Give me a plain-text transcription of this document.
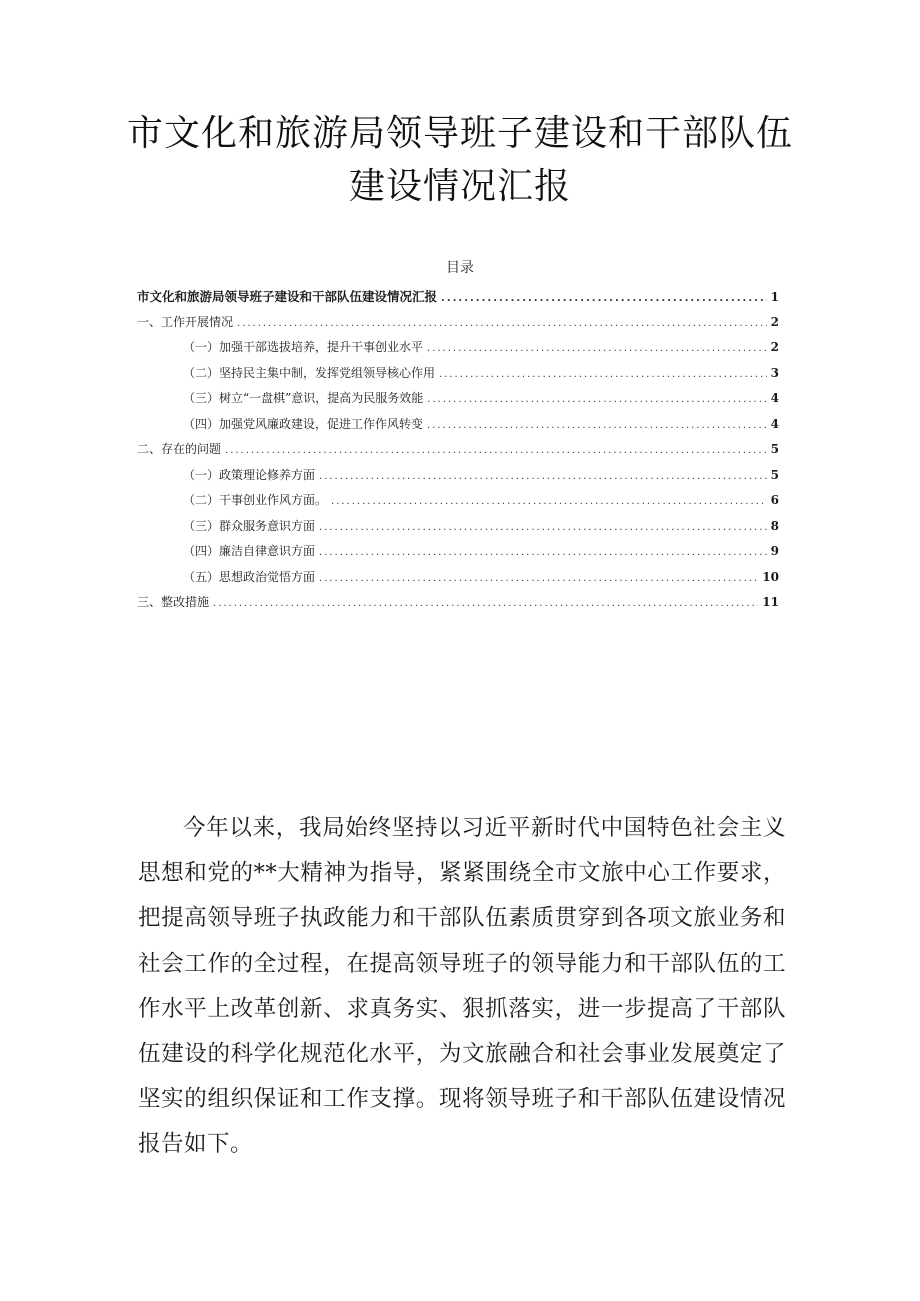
市文化和旅游局领导班子建设和干部队伍
建设情况汇报
目录
市文化和旅游局领导班子建设和干部队伍建设情况汇报 .....	1
一、工作开展情况 .....	2
（一）加强干部选拔培养，提升干事创业水平 .....	2
（二）坚持民主集中制，发挥党组领导核心作用 .....	3
（三）树立“一盘棋”意识，提高为民服务效能 .....	4
（四）加强党风廉政建设，促进工作作风转变 .....	4
二、存在的问题 .....	5
（一）政策理论修养方面 .....	5
（二）干事创业作风方面。 .....	6
（三）群众服务意识方面 .....	8
（四）廉洁自律意识方面 .....	9
（五）思想政治觉悟方面 .....	10
三、整改措施 .....	11

今年以来，我局始终坚持以习近平新时代中国特色社会主义思想和党的**大精神为指导，紧紧围绕全市文旅中心工作要求，把提高领导班子执政能力和干部队伍素质贯穿到各项文旅业务和社会工作的全过程，在提高领导班子的领导能力和干部队伍的工作水平上改革创新、求真务实、狠抓落实，进一步提高了干部队伍建设的科学化规范化水平，为文旅融合和社会事业发展奠定了坚实的组织保证和工作支撑。现将领导班子和干部队伍建设情况报告如下。
